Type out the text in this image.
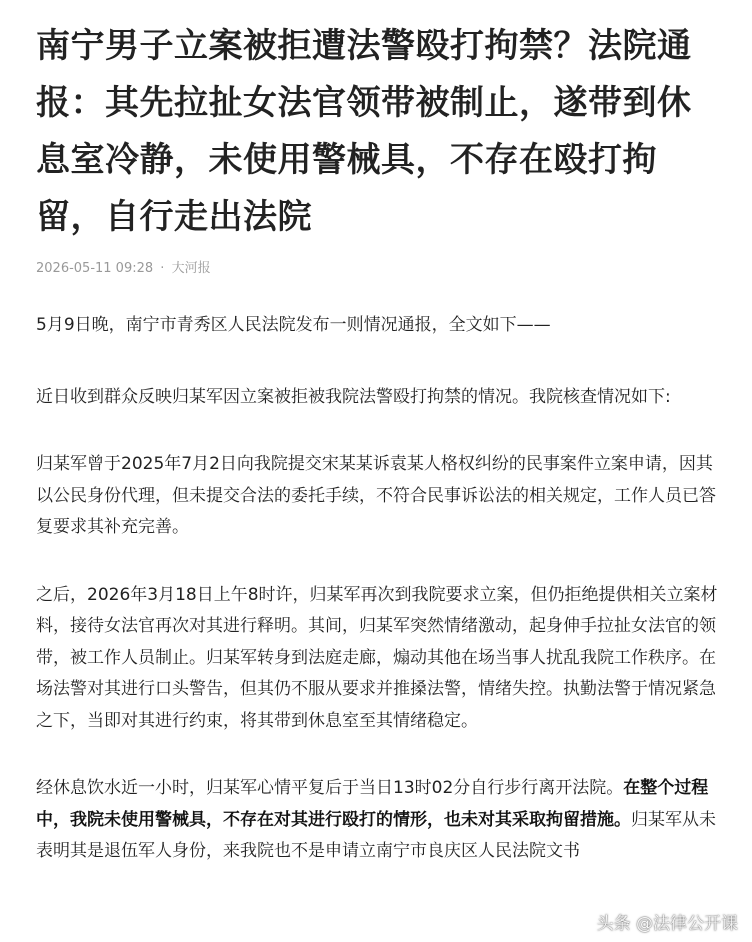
南宁男子立案被拒遭法警殴打拘禁？法院通报：其先拉扯女法官领带被制止，遂带到休息室冷静，未使用警械具，不存在殴打拘留，自行走出法院
2026-05-11 09:28 · 大河报

5月9日晚，南宁市青秀区人民法院发布一则情况通报，全文如下——

近日收到群众反映归某军因立案被拒被我院法警殴打拘禁的情况。我院核查情况如下:

归某军曾于2025年7月2日向我院提交宋某某诉袁某人格权纠纷的民事案件立案申请，因其以公民身份代理，但未提交合法的委托手续，不符合民事诉讼法的相关规定，工作人员已答复要求其补充完善。

之后，2026年3月18日上午8时许，归某军再次到我院要求立案，但仍拒绝提供相关立案材料，接待女法官再次对其进行释明。其间，归某军突然情绪激动，起身伸手拉扯女法官的领带，被工作人员制止。归某军转身到法庭走廊，煽动其他在场当事人扰乱我院工作秩序。在场法警对其进行口头警告，但其仍不服从要求并推搡法警，情绪失控。执勤法警于情况紧急之下，当即对其进行约束，将其带到休息室至其情绪稳定。

经休息饮水近一小时，归某军心情平复后于当日13时02分自行步行离开法院。在整个过程中，我院未使用警械具，不存在对其进行殴打的情形，也未对其采取拘留措施。归某军从未表明其是退伍军人身份，来我院也不是申请立南宁市良庆区人民法院文书

头条 @法律公开课
